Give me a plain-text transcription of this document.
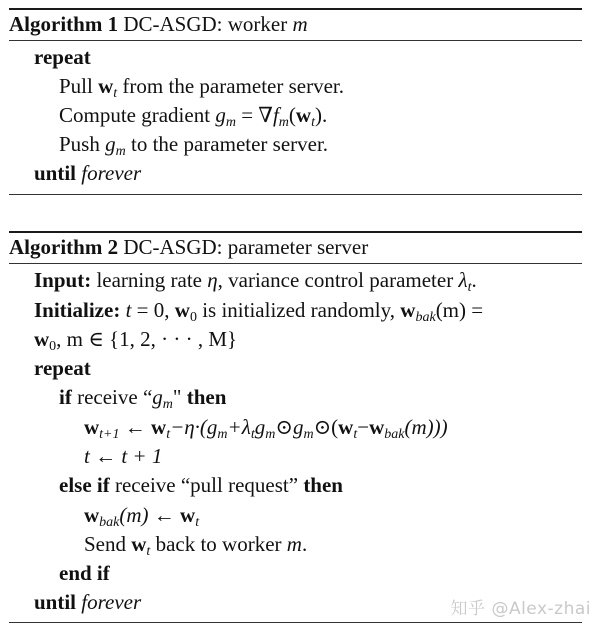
Algorithm 1 DC-ASGD: worker m
repeat
Pull $w_t$ from the parameter server.
Compute gradient $g_m = \nabla f_m(w_t)$.
Push $g_m$ to the parameter server.
until forever
Algorithm 2 DC-ASGD: parameter server
Input: learning rate η, variance control parameter $\lambda_t$.
Initialize: t = 0, $w_0$ is initialized randomly, $w_{bak}(m)$ =
$w_0$, m ∈ {1, 2, · · · , M}
repeat
if receive “$g_m$" then
$w_{t+1}$ ← $w_t-\eta\cdot(g_m+\lambda_tg_m⊙g_m⊙(w_t-w_{bak}(m)))$
t ← t + 1
else if receive “pull request” then
$w_{bak}(m)$ ← $w_t$
Send $w_t$ back to worker m.
end if
until forever	知乎 @Alex-zhai
